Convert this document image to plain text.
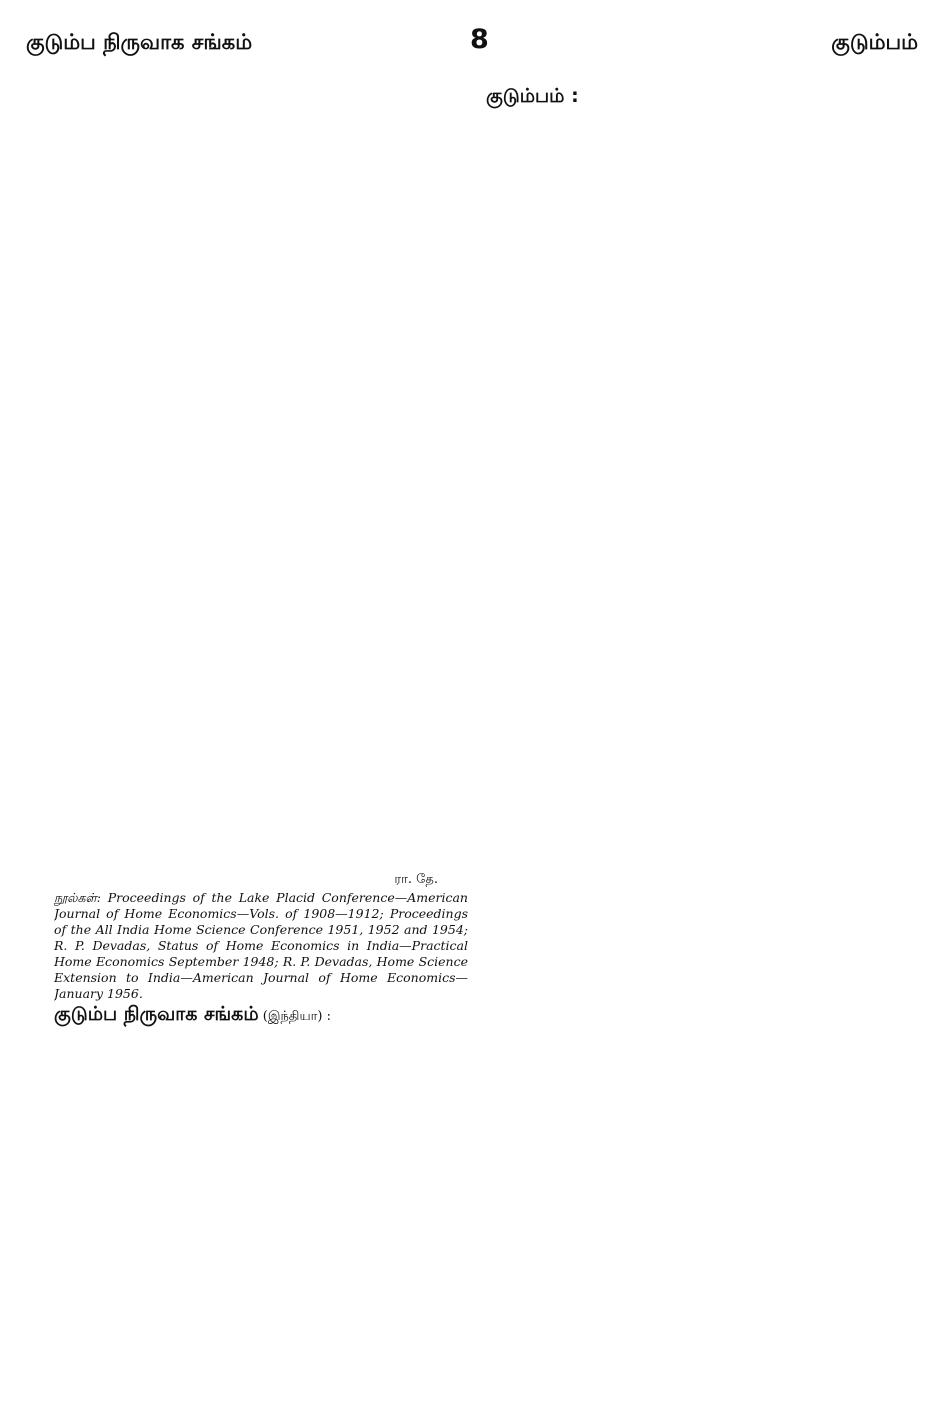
குடும்ப நிருவாக சங்கம்	8	குடும்பம்

ரா. தே.

நூல்கள்: Proceedings of the Lake Placid Conference—American Journal of Home Economics—Vols. of 1908—1912; Proceedings of the All India Home Science Conference 1951, 1952 and 1954; R. P. Devadas, Status of Home Economics in India—Practical Home Economics September 1948; R. P. Devadas, Home Science Extension to India—American Journal of Home Economics—January 1956.

குடும்ப நிருவாக சங்கம் (இந்தியா) :

குடும்பம் :
